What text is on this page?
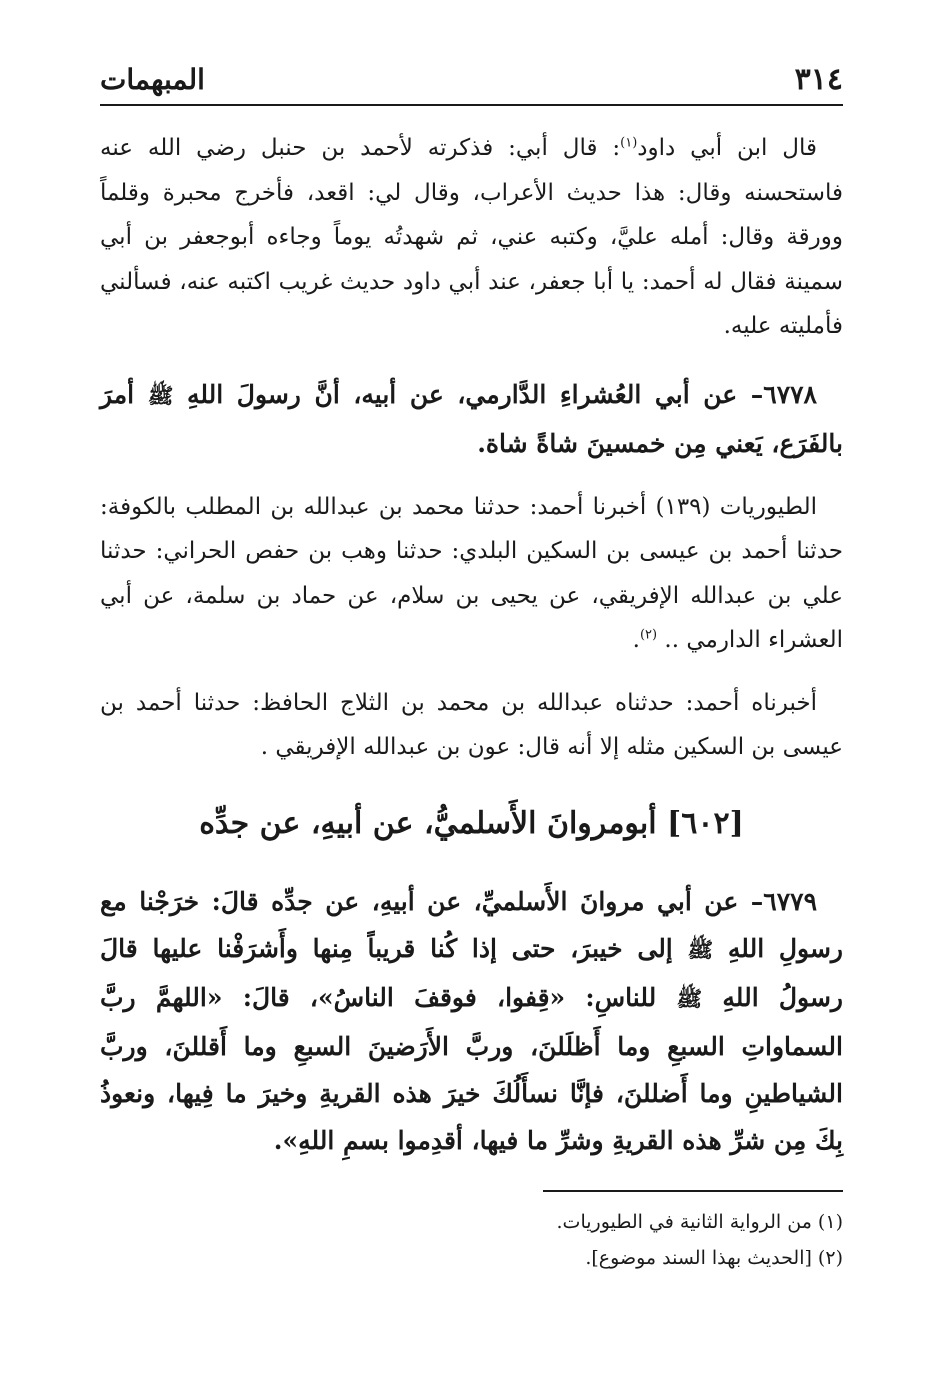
٣١٤
المبهمات

قال ابن أبي داود$^{(١)}$: قال أبي: فذكرته لأحمد بن حنبل رضي الله عنه فاستحسنه وقال: هذا حديث الأعراب، وقال لي: اقعد، فأخرج محبرة وقلماً وورقة وقال: أمله عليَّ، وكتبه عني، ثم شهدتُه يوماً وجاءه أبوجعفر بن أبي سمينة فقال له أحمد: يا أبا جعفر، عند أبي داود حديث غريب اكتبه عنه، فسألني فأمليته عليه.

٦٧٧٨– عن أبي العُشراءِ الدَّارمي، عن أبيه، أنَّ رسولَ اللهِ ﷺ أمرَ بالفَرَع، يَعني مِن خمسينَ شاةً شاة.

الطيوريات (١٣٩) أخبرنا أحمد: حدثنا محمد بن عبدالله بن المطلب بالكوفة: حدثنا أحمد بن عيسى بن السكين البلدي: حدثنا وهب بن حفص الحراني: حدثنا علي بن عبدالله الإفريقي، عن يحيى بن سلام، عن حماد بن سلمة، عن أبي العشراء الدارمي .. $^{(٢)}$.

أخبرناه أحمد: حدثناه عبدالله بن محمد بن الثلاج الحافظ: حدثنا أحمد بن عيسى بن السكين مثله إلا أنه قال: عون بن عبدالله الإفريقي .

[٦٠٢] أبومروانَ الأَسلميُّ، عن أبيهِ، عن جدِّه

٦٧٧٩– عن أبي مروانَ الأَسلميِّ، عن أبيهِ، عن جدِّه قالَ: خرَجْنا مع رسولِ اللهِ ﷺ إلى خيبرَ، حتى إذا كُنا قريباً مِنها وأَشرَفْنا عليها قالَ رسولُ اللهِ ﷺ للناسِ: «قِفوا، فوقفَ الناسُ»، قالَ: «اللهمَّ ربَّ السماواتِ السبعِ وما أَظلَلنَ، وربَّ الأَرَضينَ السبعِ وما أَقللنَ، وربَّ الشياطينِ وما أَضللنَ، فإنَّا نسأَلُكَ خيرَ هذه القريةِ وخيرَ ما فِيها، ونعوذُ بِكَ مِن شرِّ هذه القريةِ وشرِّ ما فيها، أقدِموا بسمِ اللهِ».

(١) من الرواية الثانية في الطيوريات.

(٢) [الحديث بهذا السند موضوع].
